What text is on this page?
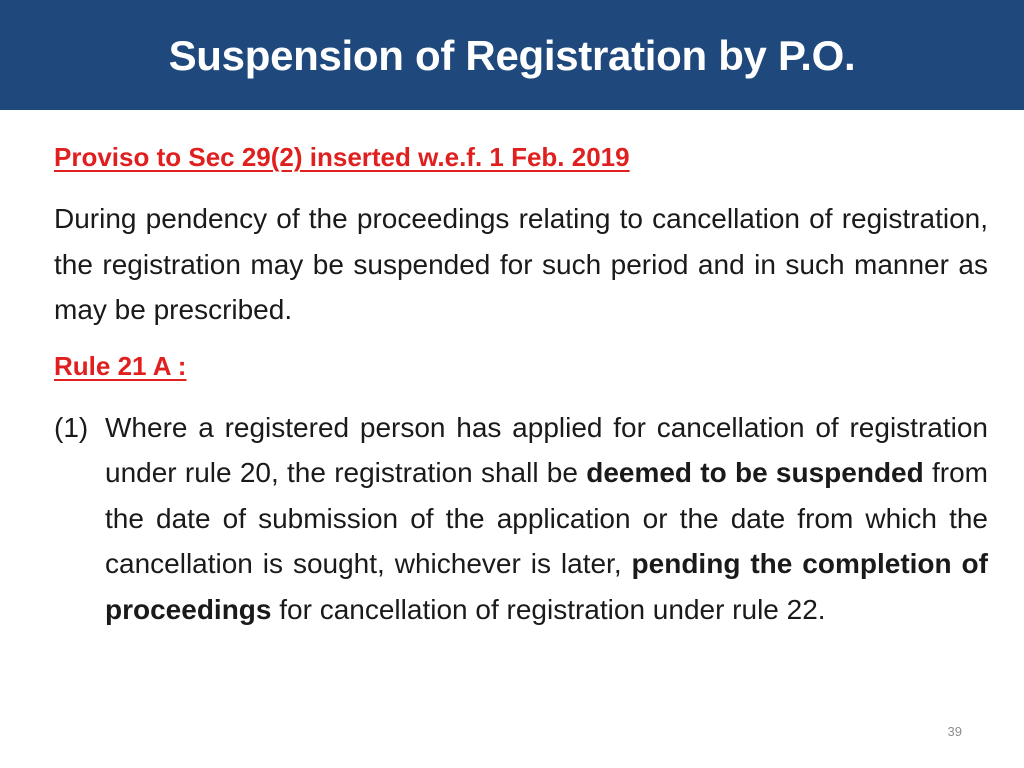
Suspension of Registration by P.O.
Proviso to Sec 29(2) inserted w.e.f. 1 Feb. 2019

During pendency of the proceedings relating to cancellation of registration, the registration may be suspended for such period and in such manner as may be prescribed.

Rule 21 A :
(1) Where a registered person has applied for cancellation of registration under rule 20, the registration shall be deemed to be suspended from the date of submission of the application or the date from which the cancellation is sought, whichever is later, pending the completion of proceedings for cancellation of registration under rule 22.

39
